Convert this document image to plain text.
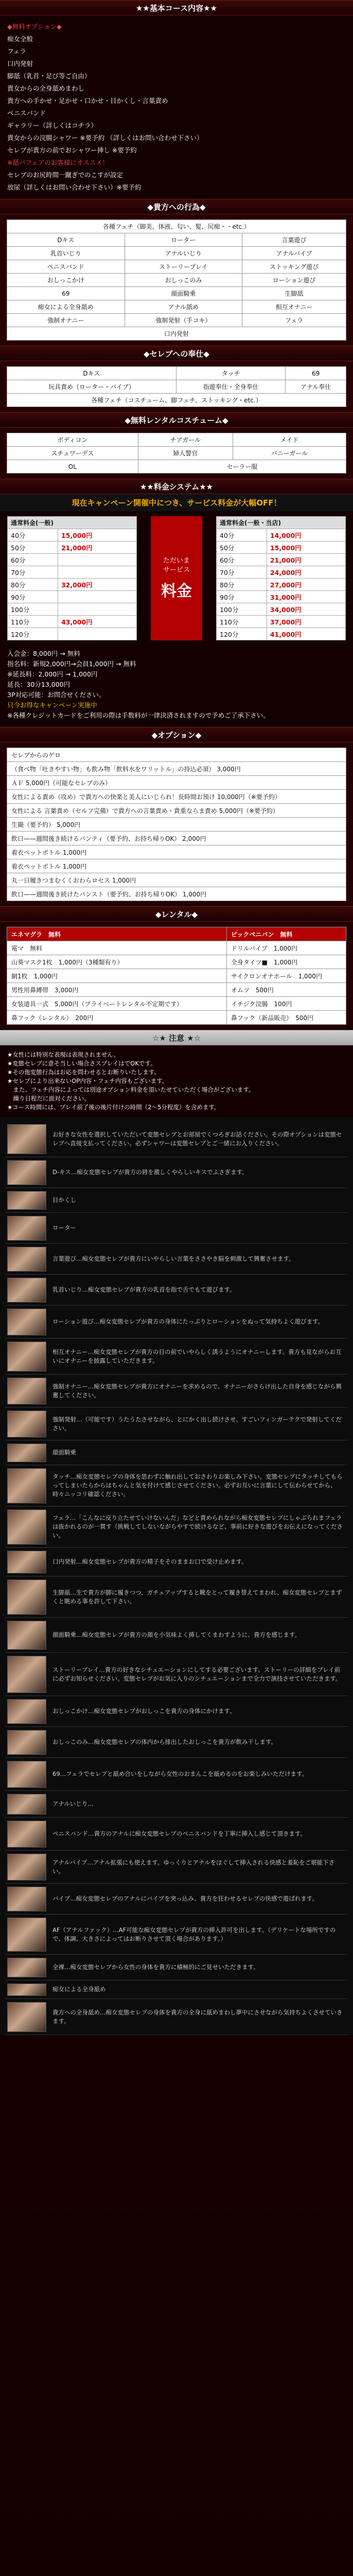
★★基本コース内容★★
◆無料オプション◆
痴女全般
フェラ
口内発射
脚舐（乳首・足び等ご自由）
貴女からの全身舐めまわし
貴方への手かせ・足かせ・口かせ・目かくし・言葉責め
ペニスバンド
ギャラリー（詳しくはコチラ）
貴女からの浣腸シャワー ※要予約 （詳しくはお問い合わせ下さい）
セレブが貴方の前でおシャワー挿し ※要予約
※舐パフェアのお客様にオススメ！
セレブのお尻時間一蹴ぎでのこすが設定
放尿（詳しくはお問い合わせ下さい）※要予約
◆貴方への行為◆
各種フェチ（脚美、体液、匂い、髪、尻痴・・etc.）		
Dキス	ローター	言葉遊び
乳首いじり	アナルいじり	アナルバイブ
ペニスバンド	ストーリープレイ	ストッキング遊び
おしっこかけ	おしっこのみ	ローション遊び
69	顔面騎乗	生脚舐
痴女による全身舐め	アナル舐め	相互オナニー
強制オナニー	強制発射（手コキ）	フェラ
口内発射		
◆セレブへの奉仕◆
Dキス	タッチ	69
玩具責め（ローター・バイブ）	指遊奉仕・全身奉仕	アナル奉仕
各種フェチ（コスチューム、脚フェチ、ストッキング・etc.）		
◆無料レンタルコスチューム◆
ボディコン	チアガール	メイド
スチュワーデス	婦人警官	バニーガール
OL	セーラー服	
★★料金システム★★
現在キャンペーン開催中につき、サービス料金が大幅OFF！
通常料金(一般)	
40分	15,000円
50分	21,000円
60分	
70分	
80分	32,000円
90分	
100分	
110分	43,000円
120分	
ただいま
サービス
料金
通常料金(一般・当店)	
40分	14,000円
50分	15,000円
60分	21,000円
70分	24,000円
80分	27,000円
90分	31,000円
100分	34,000円
110分	37,000円
120分	41,000円
入会金：8,000円 → 無料
指名料：新規2,000円→会員1,000円 → 無料
※延長料：2,000円 → 1,000円
延長：30分13,000円
3P対応可能：お問合せください。
只今お得なキャンペーン実施中
※各種クレジットカードをご利用の際は手数料が一律決済されますので予めご了承下さい。
◆オプション◆
セレブからのゲロ
（食べ物「吐きやすい物」も飲み物「飲料水をワリットル」の持込必須） 3,000円
ＡＦ 5,000円（可能なセレブのみ）
女性による責め（攻め）で貴方への快楽と美人にいじられ！長時間お預け 10,000円（※要予約）
女性による 言葉責め（セルフ完備）で貴方への言葉責め・貴重ならま責め 5,000円（※要予約）
生撮（要予約） 5,000円
飲口——週間後き続けるパンティ（要予約、お持ち帰りOK） 2,000円
着衣ペットボトル 1,000円
着衣ペットボトル 1,000円
丸一日履きつまむくくおわらロセス 1,000円
飲口——週間後き続けたパンスト（要予約、お持ち帰りOK） 1,000円
◆レンタル◆
エネマグラ　無料	ピックペニバン　無料
電マ　無料	ドリルバイブ　1,000円
山葵マスク1枚　1,000円（3種類有り）	全身タイツ■　1,000円
網1枚　1,000円	サイクロンオナホール　1,000円
男性用鼻縛帯　3,000円	オムツ　500円
女装道具一式　5,000円（プライベートレンタル不定期です）	イチジク浣腸　100円
鼻フック（レンタル）　200円	鼻フック（新品販売）　500円
☆★ 注意 ★☆
★女性には特別な表現は表現されません。
★変態セレブに意そ当しい場合さスプレイはでOKです。
★その他変態行為はお応を問わせるとお断りいたします。
★セレブにより出来ないOP内容・フェチ内容もございます。
　また、フェチ内容によっては別途オプション料金を頂いたせていただく場合がございます。
　繰り日程だに面対ください。
★コース時間には、プレイ前了後の後片付けの時間（2～5分程度）を含めます。
お好きな女性を選択していただいて変態セレブとお部屋でくつろぎお話ください。その際オプションは変態セレブへ直接支払ってください。必ずシャワーは変態セレブとご一緒にお入りください。
D-キス…痴女変態セレブが貴方の唇を激しくやらしいキスでふさぎます。
目かくし
ローター
言葉遊び…痴女変態セレブが貴方にいやらしい言葉をささやき脳を刺激して興奮させます。
乳首いじり…痴女変態セレブが貴方の乳首を指で舌でもて遊びます。
ローション遊び…痴女変態セレブが貴方の身体にたっぷりとローションをぬって気持ちよく遊びます。
相互オナニー…痴女変態セレブが貴方の目の前でいやらしく誘うようにオナニーします。貴方も見ながらお互いにオナニーを披露していただきます。
強制オナニー…痴女変態セレブが貴方にオナニーを求めるので、オナニーがさらけ出した自身を感じながら興奮してください。
強制発射…（可能です）うたうたさせながら、とにかく出し続けさせ、すごいフィンガーテクで発射してください。
顔面騎乗
タッチ…痴女変態セレブの身体を思わずに触れ出しておさわりお楽しみ下さい。変態セレブにタッチしてもらってしまいたらからはちゃんと気を付けて感じさせてください。必ずお互いに言葉にして伝わらせてから、時々ニッコリ確認ください。
フェラ…「こんなに反り立たせていけないんだ」などと責められながら痴女変態セレブにしゃぶられまフェラは抜かれるのが一貫す（挑戦してしないながらやすで続けるなど、事前に好きな遊びをお伝えになってください。
口内発射…痴女変態セレブが貴方の精子をそのままお口で受け止めます。
生脚舐…生で貴方が脚に履きつつ、ガチェアップすると靴をとって履き替えてまわれ、痴女変態セレブとまずくと眺める事を許して下さい。
顔面騎乗…痴女変態セレブが貴方の顔を小気味よく挿してくまわすように、貴方を感じます。
ストーリープレイ…貴方の好きなシチュエーションにしてする必要ございます。ストーリーの詳細をプレイ前に必ずお知らせください。変態セレブがお気に入りのシチュエーションまで全力で演技させていただきます。
おしっこかけ…痴女変態セレブがおしっこを貴方の身体にかけます。
おしっこのみ…痴女変態セレブの体内から排出したおしっこを貴方が飲み干します。
69…フェラでセレブと舐め合いをしながら女性のおまんこを舐めるのをお楽しみいただけます。
アナルいじり…
ペニスバンド…貴方のアナルに痴女変態セレブのペニスバンドを丁寧に挿入し感じて頂きます。
アナルバイブ…アナル拡張にも使えます。ゆっくりとアナルをほぐして挿入される快感と羞恥をご堪能下さい。
バイブ…痴女変態セレブのアナルにバイブを突っ込み、貴方を狂わせるセレブの快感で遊ばれます。
AF（アナルファック）…AF可能な痴女変態セレブが貴方の挿入許可を出します。（デリケートな場所ですので、体調、大きさによってはお断りさせて頂く場合があります。）
全裸…痴女変態セレブから女性の身体を貴方に積極的にご見せいただきます。
痴女による全身舐め
貴方への全身舐め…痴女変態セレブの身体を貴方の全身に舐めまわし夢中にさせながら気持ちよくさせていきます。
